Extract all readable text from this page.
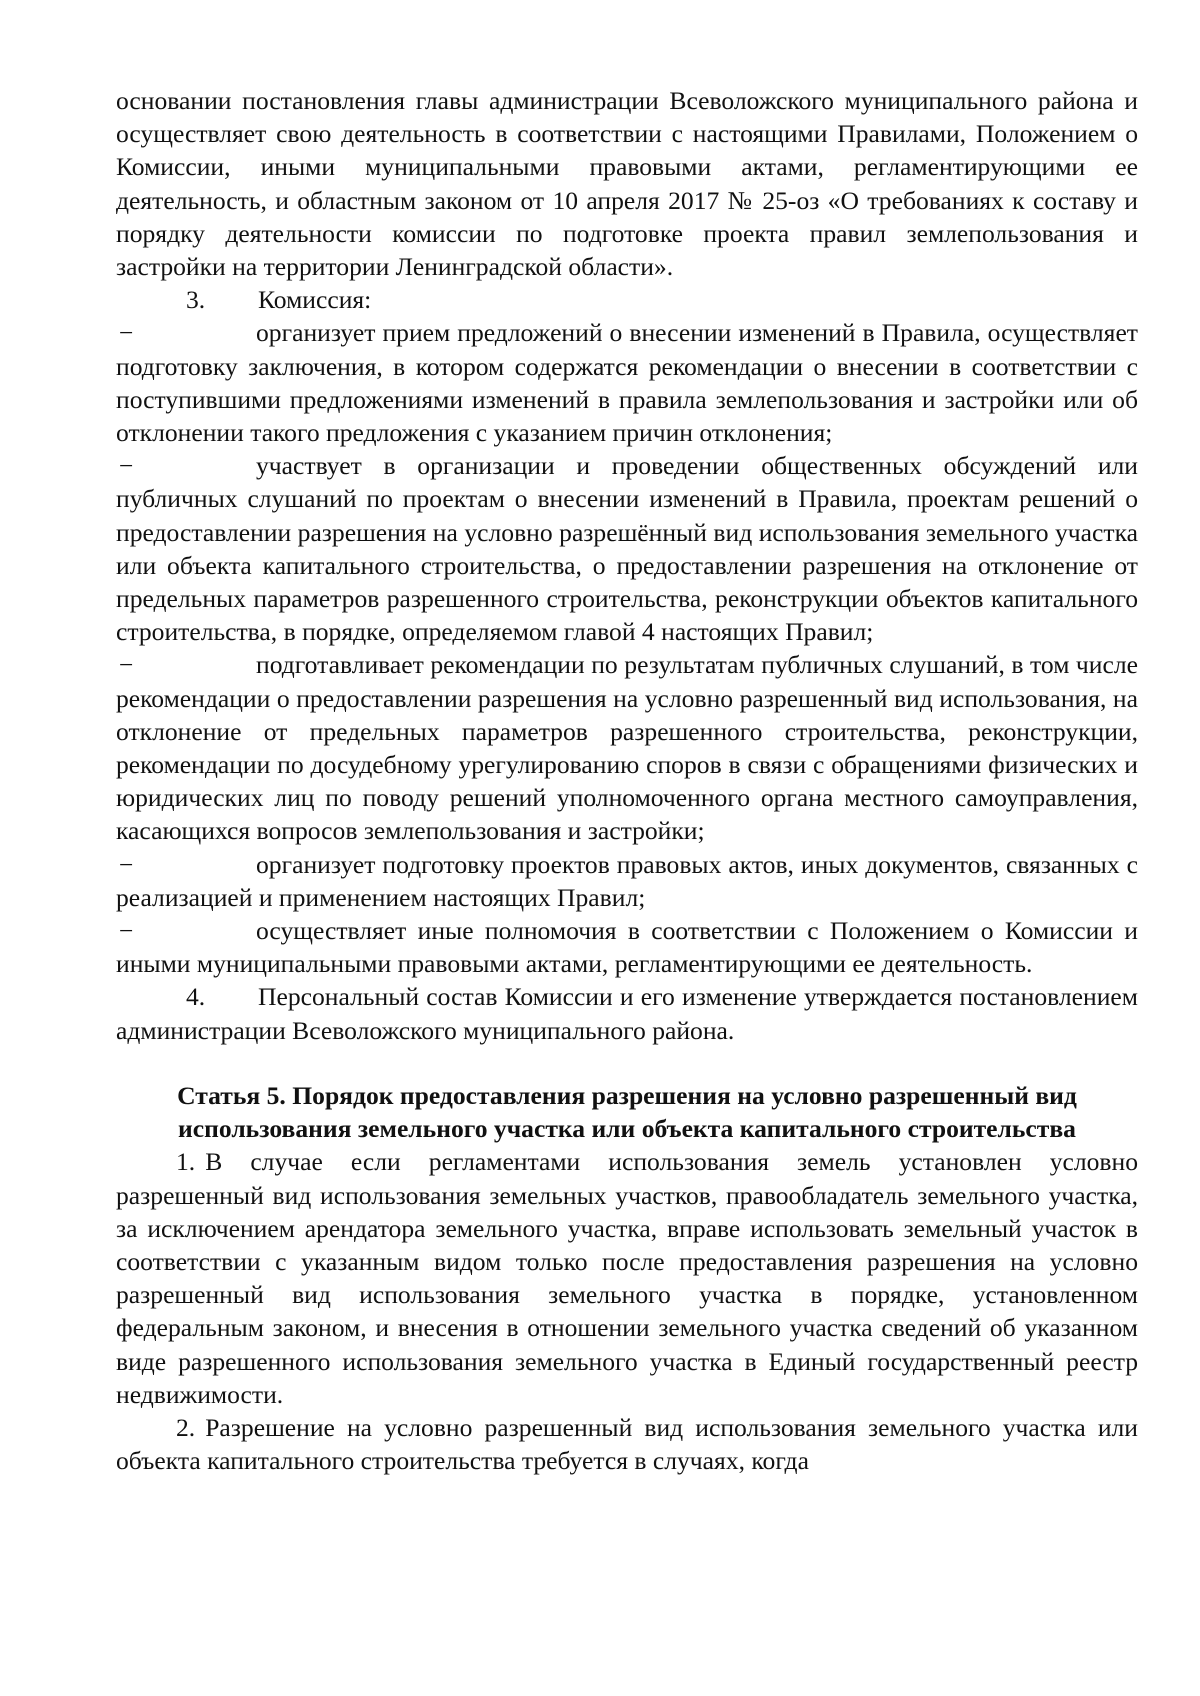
основании постановления главы администрации Всеволожского муниципального района и осуществляет свою деятельность в соответствии с настоящими Правилами, Положением о Комиссии, иными муниципальными правовыми актами, регламентирующими ее деятельность, и областным законом от 10 апреля 2017 № 25-оз «О требованиях к составу и порядку деятельности комиссии по подготовке проекта правил землепользования и застройки на территории Ленинградской области».

3. Комиссия:

−	организует прием предложений о внесении изменений в Правила, осуществляет подготовку заключения, в котором содержатся рекомендации о внесении в соответствии с поступившими предложениями изменений в правила землепользования и застройки или об отклонении такого предложения с указанием причин отклонения;

−	участвует в организации и проведении общественных обсуждений или публичных слушаний по проектам о внесении изменений в Правила, проектам решений о предоставлении разрешения на условно разрешённый вид использования земельного участка или объекта капитального строительства, о предоставлении разрешения на отклонение от предельных параметров разрешенного строительства, реконструкции объектов капитального строительства, в порядке, определяемом главой 4 настоящих Правил;

−	подготавливает рекомендации по результатам публичных слушаний, в том числе рекомендации о предоставлении разрешения на условно разрешенный вид использования, на отклонение от предельных параметров разрешенного строительства, реконструкции, рекомендации по досудебному урегулированию споров в связи с обращениями физических и юридических лиц по поводу решений уполномоченного органа местного самоуправления, касающихся вопросов землепользования и застройки;

−	организует подготовку проектов правовых актов, иных документов, связанных с реализацией и применением настоящих Правил;

−	осуществляет иные полномочия в соответствии с Положением о Комиссии и иными муниципальными правовыми актами, регламентирующими ее деятельность.

4. Персональный состав Комиссии и его изменение утверждается постановлением администрации Всеволожского муниципального района.

Статья 5. Порядок предоставления разрешения на условно разрешенный вид
использования земельного участка или объекта капитального строительства

1. В случае если регламентами использования земель установлен условно разрешенный вид использования земельных участков, правообладатель земельного участка, за исключением арендатора земельного участка, вправе использовать земельный участок в соответствии с указанным видом только после предоставления разрешения на условно разрешенный вид использования земельного участка в порядке, установленном федеральным законом, и внесения в отношении земельного участка сведений об указанном виде разрешенного использования земельного участка в Единый государственный реестр недвижимости.

2. Разрешение на условно разрешенный вид использования земельного участка или объекта капитального строительства требуется в случаях, когда
